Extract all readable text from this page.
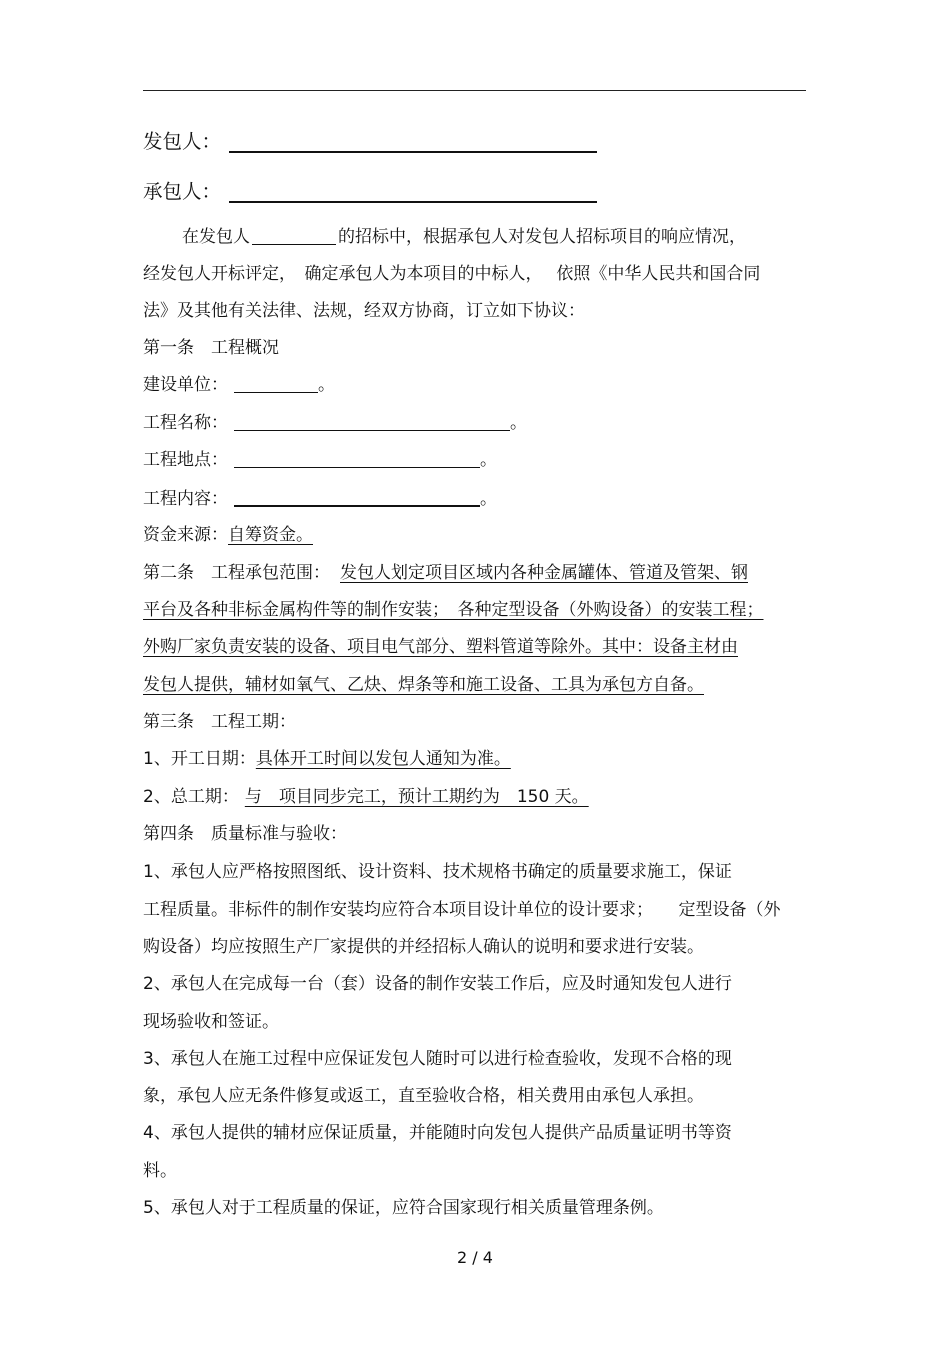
发包人：
承包人：
在发包人	的招标中，根据承包人对发包人招标项目的响应情况，
经发包人开标评定，　确定承包人为本项目的中标人，　 依照《中华人民共和国合同
法》及其他有关法律、法规，经双方协商，订立如下协议：
第一条　工程概况
建设单位：	。
工程名称：	。
工程地点：	。
工程内容：	。
资金来源：自筹资金。
第二条　工程承包范围： 发包人划定项目区域内各种金属罐体、管道及管架、钢
平台及各种非标金属构件等的制作安装；　各种定型设备（外购设备）的安装工程；
外购厂家负责安装的设备、项目电气部分、塑料管道等除外。其中：设备主材由
发包人提供，辅材如氧气、乙炔、焊条等和施工设备、工具为承包方自备。
第三条　工程工期：
1、开工日期：具体开工时间以发包人通知为准。
2、总工期： 与　项目同步完工，预计工期约为　150 天。
第四条　质量标准与验收：
1、承包人应严格按照图纸、设计资料、技术规格书确定的质量要求施工，保证
工程质量。非标件的制作安装均应符合本项目设计单位的设计要求；　　定型设备（外
购设备）均应按照生产厂家提供的并经招标人确认的说明和要求进行安装。
2、承包人在完成每一台（套）设备的制作安装工作后，应及时通知发包人进行
现场验收和签证。
3、承包人在施工过程中应保证发包人随时可以进行检查验收，发现不合格的现
象，承包人应无条件修复或返工，直至验收合格，相关费用由承包人承担。
4、承包人提供的辅材应保证质量，并能随时向发包人提供产品质量证明书等资
料。
5、承包人对于工程质量的保证，应符合国家现行相关质量管理条例。
2 / 4
